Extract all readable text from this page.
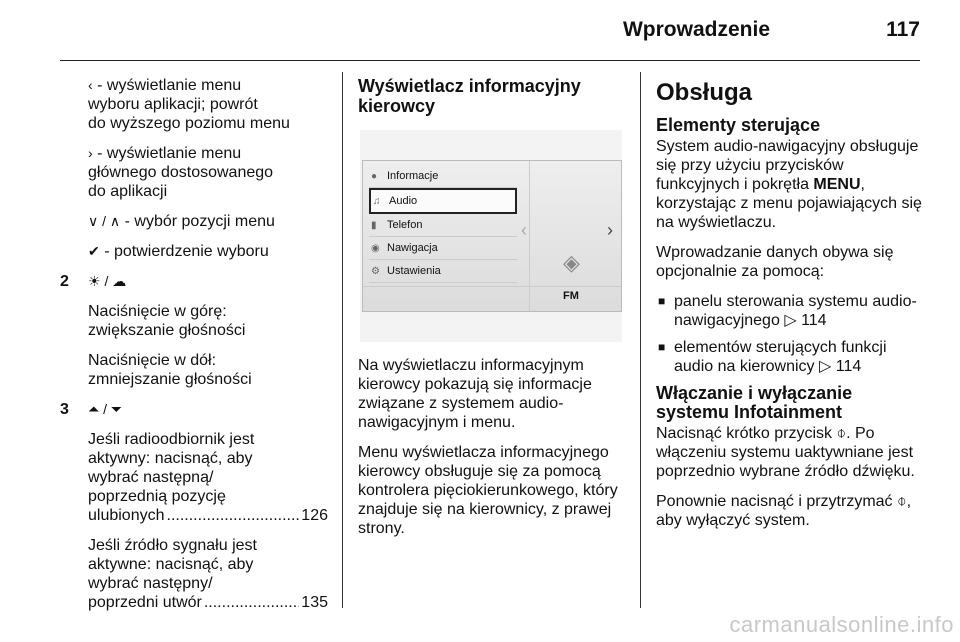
Wprowadzenie	117

‹ - wyświetlanie menu
wyboru aplikacji; powrót
do wyższego poziomu menu

› - wyświetlanie menu
głównego dostosowanego
do aplikacji

∨ / ∧ - wybór pozycji menu

✔ - potwierdzenie wyboru

2 ☀ / ☁

Naciśnięcie w górę:
zwiększanie głośności

Naciśnięcie w dół:
zmniejszanie głośności

3 ⏶ / ⏷

Jeśli radioodbiornik jest
aktywny: nacisnąć, aby
wybrać następną/
poprzednią pozycję

ulubionych .....	126

Jeśli źródło sygnału jest
aktywne: nacisnąć, aby
wybrać następny/

poprzedni utwór .....	135

Wyświetlacz informacyjny kierowcy
● Informacje
♫ Audio
▮ Telefon
◉ Nawigacja
⚙ Ustawienia
‹	›
◈
FM

Na wyświetlaczu informacyjnym kierowcy pokazują się informacje związane z systemem audio-nawigacyjnym i menu.

Menu wyświetlacza informacyjnego kierowcy obsługuje się za pomocą kontrolera pięciokierunkowego, który znajduje się na kierownicy, z prawej strony.

Obsługa
Elementy sterujące

System audio-nawigacyjny obsługuje się przy użyciu przycisków funkcyjnych i pokrętła MENU, korzystając z menu pojawiających się na wyświetlaczu.

Wprowadzanie danych obywa się opcjonalnie za pomocą:

■ panelu sterowania systemu audio-nawigacyjnego ▷ 114
■ elementów sterujących funkcji audio na kierownicy ▷ 114
Włączanie i wyłączanie systemu Infotainment

Nacisnąć krótko przycisk ⌽. Po włączeniu systemu uaktywniane jest poprzednio wybrane źródło dźwięku.

Ponownie nacisnąć i przytrzymać ⌽, aby wyłączyć system.

carmanualsonline.info
